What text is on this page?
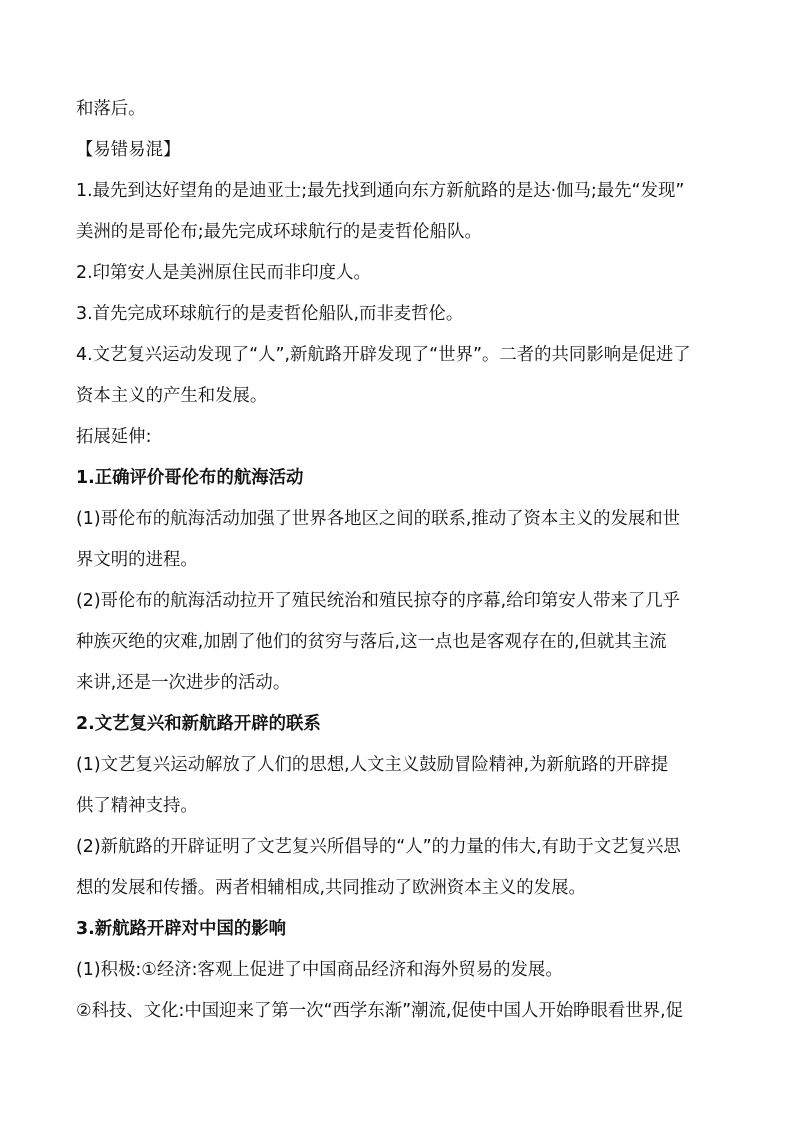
和落后。
【易错易混】
1.最先到达好望角的是迪亚士;最先找到通向东方新航路的是达·伽马;最先“发现”
美洲的是哥伦布;最先完成环球航行的是麦哲伦船队。
2.印第安人是美洲原住民而非印度人。
3.首先完成环球航行的是麦哲伦船队,而非麦哲伦。
4.文艺复兴运动发现了“人”,新航路开辟发现了“世界”。二者的共同影响是促进了
资本主义的产生和发展。
拓展延伸:
1.正确评价哥伦布的航海活动
(1)哥伦布的航海活动加强了世界各地区之间的联系,推动了资本主义的发展和世
界文明的进程。
(2)哥伦布的航海活动拉开了殖民统治和殖民掠夺的序幕,给印第安人带来了几乎
种族灭绝的灾难,加剧了他们的贫穷与落后,这一点也是客观存在的,但就其主流
来讲,还是一次进步的活动。
2.文艺复兴和新航路开辟的联系
(1)文艺复兴运动解放了人们的思想,人文主义鼓励冒险精神,为新航路的开辟提
供了精神支持。
(2)新航路的开辟证明了文艺复兴所倡导的“人”的力量的伟大,有助于文艺复兴思
想的发展和传播。两者相辅相成,共同推动了欧洲资本主义的发展。
3.新航路开辟对中国的影响
(1)积极:①经济:客观上促进了中国商品经济和海外贸易的发展。
②科技、文化:中国迎来了第一次“西学东渐”潮流,促使中国人开始睁眼看世界,促
